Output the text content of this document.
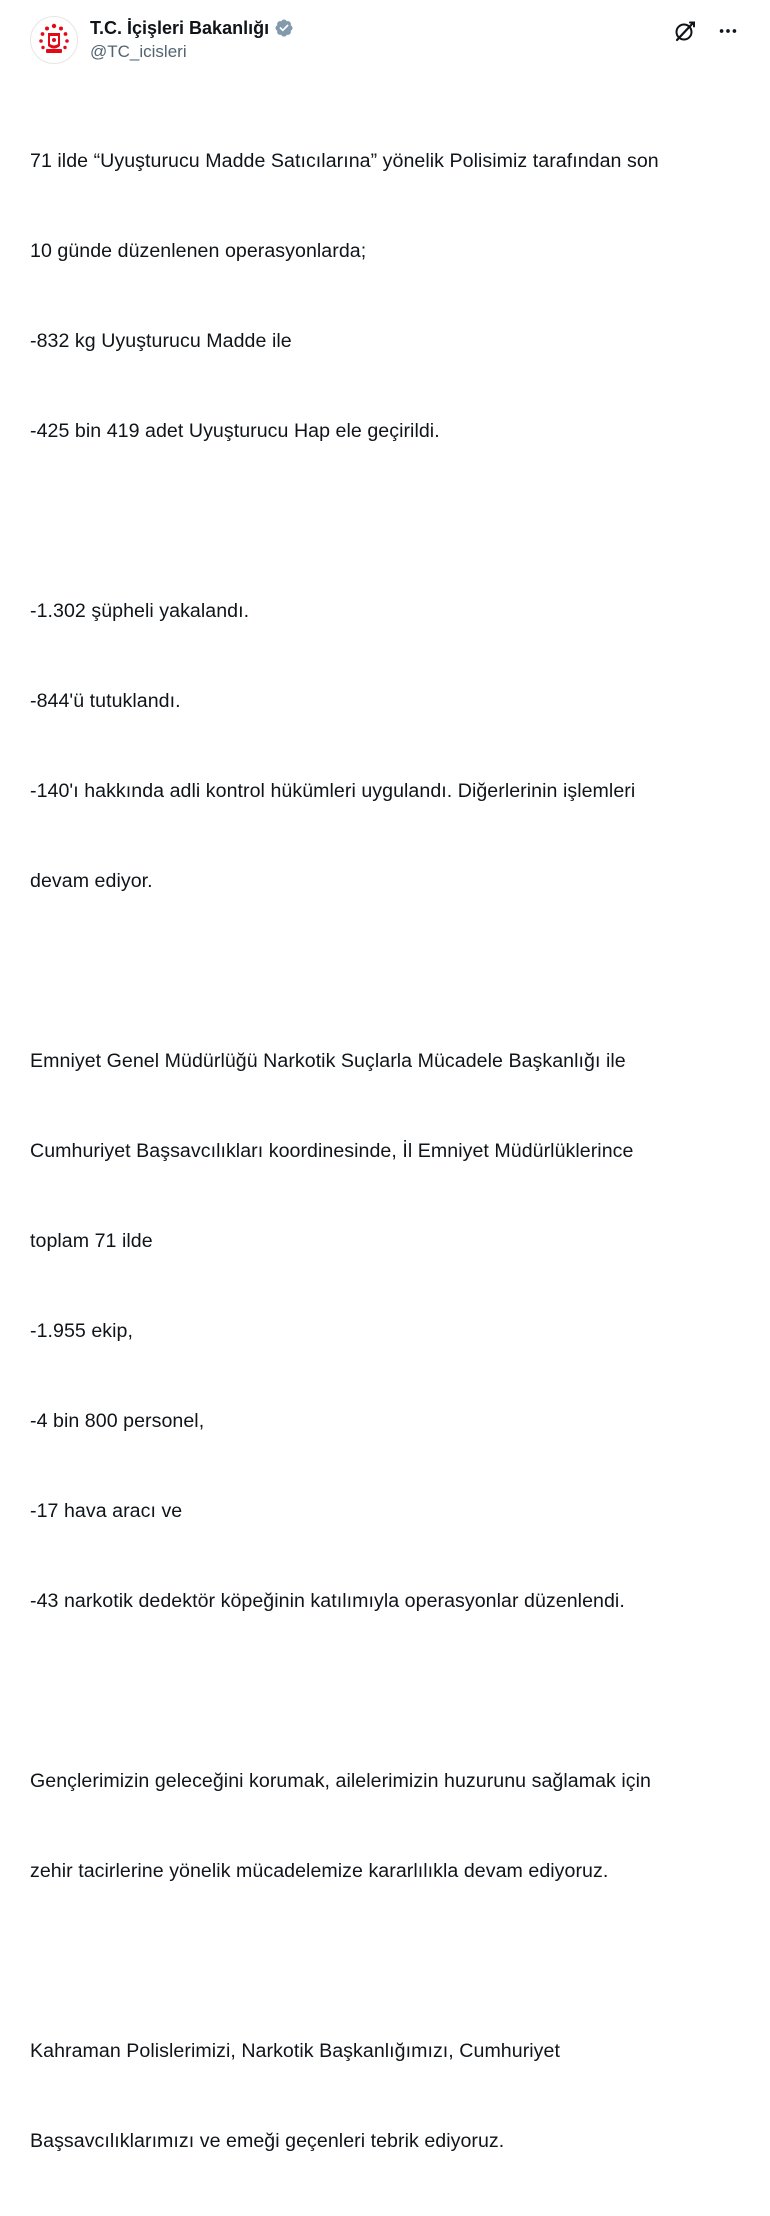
T.C. İçişleri Bakanlığı
@TC_icisleri

71 ilde “Uyuşturucu Madde Satıcılarına” yönelik Polisimiz tarafından son

10 günde düzenlenen operasyonlarda;

-832 kg Uyuşturucu Madde ile

-425 bin 419 adet Uyuşturucu Hap ele geçirildi.

-1.302 şüpheli yakalandı.

-844'ü tutuklandı.

-140'ı hakkında adli kontrol hükümleri uygulandı. Diğerlerinin işlemleri

devam ediyor.

Emniyet Genel Müdürlüğü Narkotik Suçlarla Mücadele Başkanlığı ile

Cumhuriyet Başsavcılıkları koordinesinde, İl Emniyet Müdürlüklerince

toplam 71 ilde

-1.955 ekip,

-4 bin 800 personel,

-17 hava aracı ve

-43 narkotik dedektör köpeğinin katılımıyla operasyonlar düzenlendi.

Gençlerimizin geleceğini korumak, ailelerimizin huzurunu sağlamak için

zehir tacirlerine yönelik mücadelemize kararlılıkla devam ediyoruz.

Kahraman Polislerimizi, Narkotik Başkanlığımızı, Cumhuriyet

Başsavcılıklarımızı ve emeği geçenleri tebrik ediyoruz.
